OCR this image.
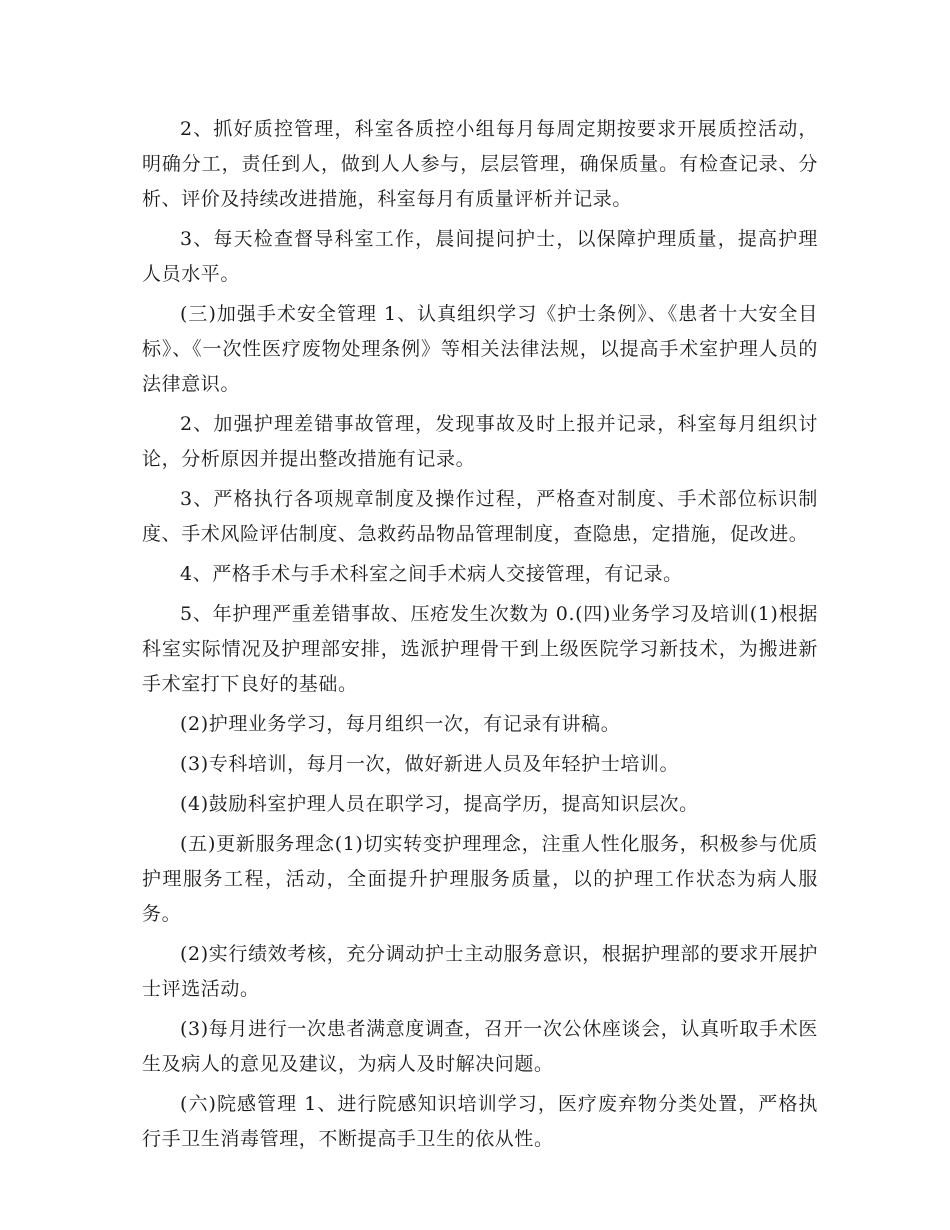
2、抓好质控管理，科室各质控小组每月每周定期按要求开展质控活动，明确分工，责任到人，做到人人参与，层层管理，确保质量。有检查记录、分析、评价及持续改进措施，科室每月有质量评析并记录。

3、每天检查督导科室工作，晨间提问护士，以保障护理质量，提高护理人员水平。

(三)加强手术安全管理 1、认真组织学习《护士条例》、《患者十大安全目标》、《一次性医疗废物处理条例》等相关法律法规，以提高手术室护理人员的法律意识。

2、加强护理差错事故管理，发现事故及时上报并记录，科室每月组织讨论，分析原因并提出整改措施有记录。

3、严格执行各项规章制度及操作过程，严格查对制度、手术部位标识制度、手术风险评估制度、急救药品物品管理制度，查隐患，定措施，促改进。

4、严格手术与手术科室之间手术病人交接管理，有记录。

5、年护理严重差错事故、压疮发生次数为 0.(四)业务学习及培训(1)根据科室实际情况及护理部安排，选派护理骨干到上级医院学习新技术，为搬进新手术室打下良好的基础。

(2)护理业务学习，每月组织一次，有记录有讲稿。

(3)专科培训，每月一次，做好新进人员及年轻护士培训。

(4)鼓励科室护理人员在职学习，提高学历，提高知识层次。

(五)更新服务理念(1)切实转变护理理念，注重人性化服务，积极参与优质护理服务工程，活动，全面提升护理服务质量，以的护理工作状态为病人服务。

(2)实行绩效考核，充分调动护士主动服务意识，根据护理部的要求开展护士评选活动。

(3)每月进行一次患者满意度调查，召开一次公休座谈会，认真听取手术医生及病人的意见及建议，为病人及时解决问题。

(六)院感管理 1、进行院感知识培训学习，医疗废弃物分类处置，严格执行手卫生消毒管理，不断提高手卫生的依从性。
